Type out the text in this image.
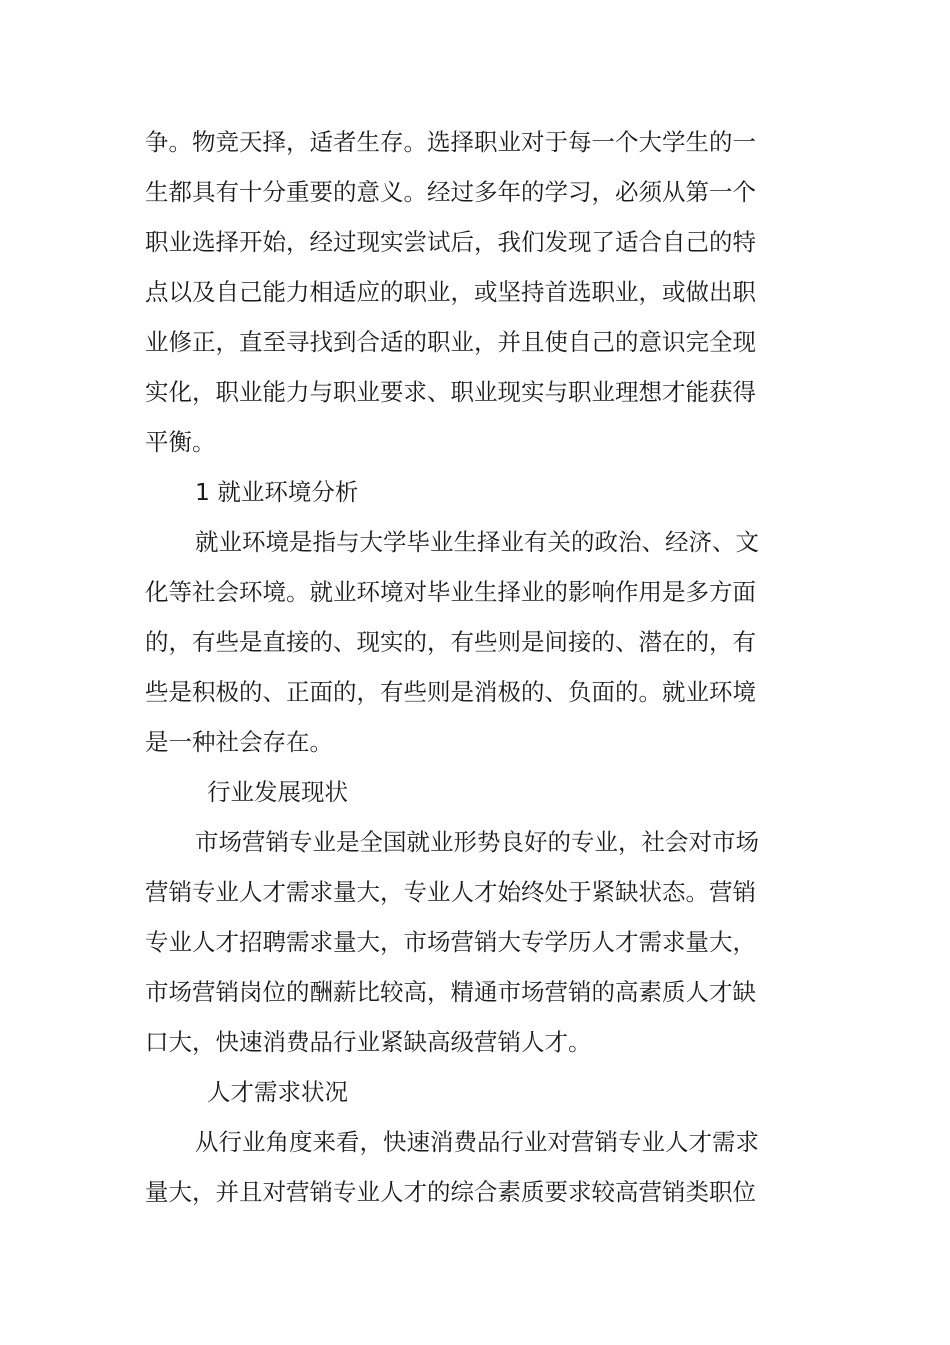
争 。 物 竞 天 择 ， 适 者 生 存 。 选 择 职 业 对 于 每 一 个 大 学 生 的 一

生 都 具 有 十 分 重 要 的 意 义 。 经 过 多 年 的 学 习 ， 必 须 从 第 一 个

职 业 选 择 开 始 ， 经 过 现 实 尝 试 后 ， 我 们 发 现 了 适 合 自 己 的 特

点 以 及 自 己 能 力 相 适 应 的 职 业 ， 或 坚 持 首 选 职 业 ， 或 做 出 职

业 修 正 ， 直 至 寻 找 到 合 适 的 职 业 ， 并 且 使 自 己 的 意 识 完 全 现

实 化 ， 职 业 能 力 与 职 业 要 求 、 职 业 现 实 与 职 业 理 想 才 能 获 得

平衡。

1 就业环境分析

就 业 环 境 是 指 与 大 学 毕 业 生 择 业 有 关 的 政 治 、 经 济 、 文

化 等 社 会 环 境 。 就 业 环 境 对 毕 业 生 择 业 的 影 响 作 用 是 多 方 面

的 ， 有 些 是 直 接 的 、 现 实 的 ， 有 些 则 是 间 接 的 、 潜 在 的 ， 有

些 是 积 极 的 、 正 面 的 ， 有 些 则 是 消 极 的 、 负 面 的 。 就 业 环 境

是一种社会存在。

行业发展现状

市 场 营 销 专 业 是 全 国 就 业 形 势 良 好 的 专 业 ， 社 会 对 市 场

营 销 专 业 人 才 需 求 量 大 ， 专 业 人 才 始 终 处 于 紧 缺 状 态 。 营 销

专 业 人 才 招 聘 需 求 量 大 ， 市 场 营 销 大 专 学 历 人 才 需 求 量 大 ，

市 场 营 销 岗 位 的 酬 薪 比 较 高 ， 精 通 市 场 营 销 的 高 素 质 人 才 缺

口大，快速消费品行业紧缺高级营销人才。

人才需求状况

从 行 业 角 度 来 看 ， 快 速 消 费 品 行 业 对 营 销 专 业 人 才 需 求

量 大 ， 并 且 对 营 销 专 业 人 才 的 综 合 素 质 要 求 较 高 营 销 类 职 位
